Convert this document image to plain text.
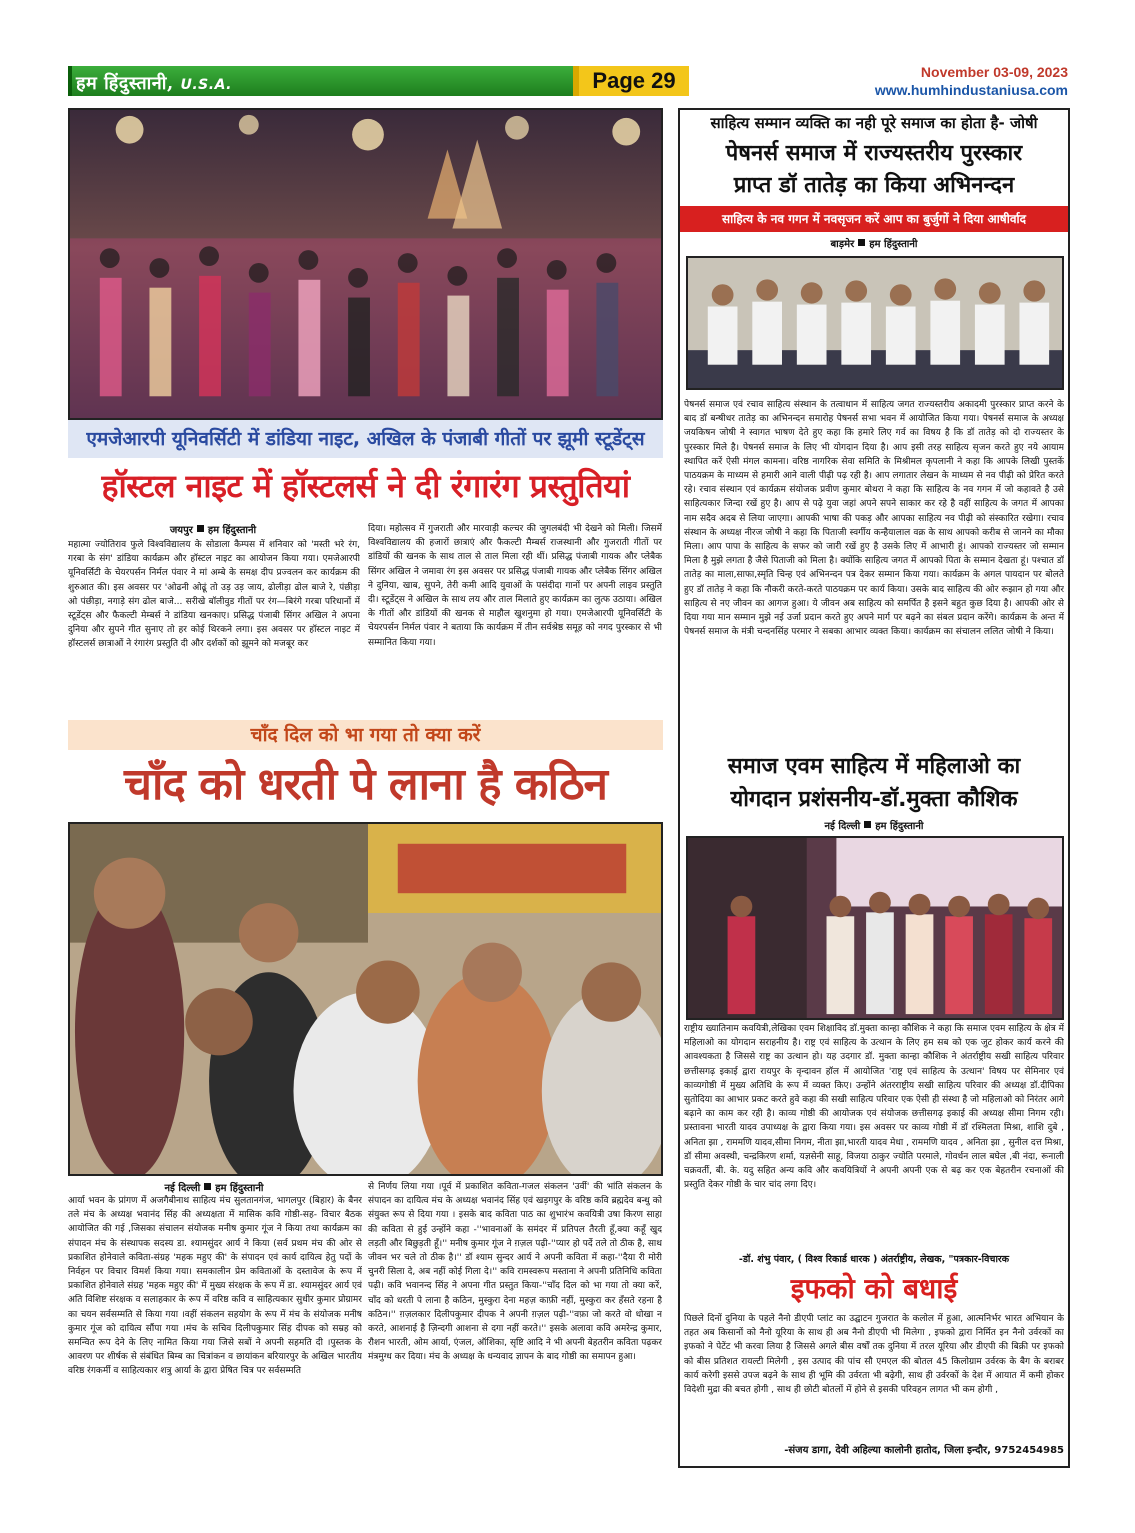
हम हिंदुस्तानी, U.S.A.	Page 29	November 03-09, 2023
www.humhindustaniusa.com
एमजेआरपी यूनिवर्सिटी में डांडिया नाइट, अखिल के पंजाबी गीतों पर झूमी स्टूडेंट्स
हॉस्टल नाइट में हॉस्टलर्स ने दी रंगारंग प्रस्तुतियां
जयपुर हम हिंदुस्तानी
महात्मा ज्योतिराव फुले विश्वविद्यालय के सोडाला कैम्पस में शनिवार को 'मस्ती भरे रंग, गरबा के संग' डांडिया कार्यक्रम और हॉस्टल नाइट का आयोजन किया गया। एमजेआरपी यूनिवर्सिटी के चेयरपर्सन निर्मल पंवार ने मां अम्बे के समक्ष दीप प्रज्वलन कर कार्यक्रम की शुरुआत की। इस अवसर पर 'ओढनी ओढूं तो उड़ उड़ जाय, ढोलीड़ा ढोल बाजे रे, पंछीड़ा ओ पंछीड़ा, नगाड़े संग ढोल बाजे... सरीखे बॉलीवुड गीतों पर रंग—बिरंगे गरबा परिधानों में स्टूडेंट्स और फैकल्टी मेम्बर्स ने डांडिया खनकाए। प्रसिद्ध पंजाबी सिंगर अखिल ने अपना दुनिया और सुपने गीत सुनाए तो हर कोई थिरकने लगा। इस अवसर पर हॉस्टल नाइट में हॉस्टलर्स छात्राओं ने रंगारंग प्रस्तुति दी और दर्शकों को झूमने को मजबूर कर
दिया। महोत्सव में गुजराती और मारवाड़ी कल्चर की जुगलबंदी भी देखने को मिली। जिसमें विश्वविद्यालय की हजारों छात्राएं और फैकल्टी मैम्बर्स राजस्थानी और गुजराती गीतों पर डांडियों की खनक के साथ ताल से ताल मिला रही थीं। प्रसिद्ध पंजाबी गायक और प्लेबैक सिंगर अखिल ने जमावा रंग इस अवसर पर प्रसिद्ध पंजाबी गायक और प्लेबैक सिंगर अखिल ने दुनिया, खाब, सुपने, तेरी कमी आदि युवाओं के पसंदीदा गानों पर अपनी लाइव प्रस्तुति दी। स्टूडेंट्स ने अखिल के साथ लय और ताल मिलाते हुए कार्यक्रम का लुत्फ उठाया। अखिल के गीतों और डांडियों की खनक से माहौल खुशनुमा हो गया। एमजेआरपी यूनिवर्सिटी के चेयरपर्सन निर्मल पंवार ने बताया कि कार्यक्रम में तीन सर्वश्रेष्ठ समूह को नगद पुरस्कार से भी सम्मानित किया गया।
चाँद दिल को भा गया तो क्या करें
चाँद को धरती पे लाना है कठिन
नई दिल्ली हम हिंदुस्तानी
आर्या भवन के प्रांगण में अजगैबीनाथ साहित्य मंच सुलतानगंज, भागलपुर (बिहार) के बैनर तले मंच के अध्यक्ष भवानंद सिंह की अध्यक्षता में मासिक कवि गोष्ठी-सह- विचार बैठक आयोजित की गई ,जिसका संचालन संयोजक मनीष कुमार गूंज ने किया तथा कार्यक्रम का संपादन मंच के संस्थापक सदस्य डा. श्यामसुंदर आर्य ने किया (सर्व प्रथम मंच की ओर से प्रकाशित होनेवाले कविता-संग्रह 'महक महुए की' के संपादन एवं कार्य दायित्व हेतु पदों के निर्वहन पर विचार विमर्श किया गया। समकालीन प्रेम कविताओं के दस्तावेज के रूप में प्रकाशित होनेवाले संग्रह 'महक महुए की' में मुख्य संरक्षक के रूप में डा. श्यामसुंदर आर्य एवं अति विशिष्ट संरक्षक व सलाहकार के रूप में वरिष्ठ कवि व साहित्यकार सुधीर कुमार प्रोग्रामर का चयन सर्वसम्मति से किया गया ।वहीं संकलन सहयोग के रूप में मंच के संयोजक मनीष कुमार गूंज को दायित्व सौंपा गया ।मंच के सचिव दिलीपकुमार सिंह दीपक को सम्रह को समन्वित रूप देने के लिए नामित किया गया जिसे सबों ने अपनी सहमति दी ।पुस्तक के आवरण पर शीर्षक से संबंधित बिम्ब का चित्रांकन व छायांकन बरियारपुर के अखिल भारतीय वरिष्ठ रंगकर्मी व साहित्यकार शत्रु आर्या के द्वारा प्रेषित चित्र पर सर्वसम्मति
से निर्णय लिया गया ।पूर्व में प्रकाशित कविता-गजल संकलन 'उर्वी' की भांति संकलन के संपादन का दायित्व मंच के अध्यक्ष भवानंद सिंह एवं खड़गपुर के वरिष्ठ कवि ब्रह्मदेव बन्धु को संयुक्त रूप से दिया गया । इसके बाद कविता पाठ का शुभारंभ कवयित्री उषा किरण साहा की कविता से हुई उन्होंने कहा -''भावनाओं के समंदर में प्रतिपल तैरती हूँ,क्या कहूँ खुद लड़ती और बिछुड़ती हूँ।'' मनीष कुमार गूंज ने ग़ज़ल पढ़ी-''प्यार हो पर्दे तले तो ठीक है, साथ जीवन भर चले तो ठीक है।'' डॉ श्याम सुन्दर आर्य ने अपनी कविता में कहा-''दैया री मोरी चुनरी सिला दे, अब नहीं कोई गिला दे।'' कवि रामस्वरूप मस्ताना ने अपनी प्रतिनिधि कविता पढ़ी। कवि भवानन्द सिंह ने अपना गीत प्रस्तुत किया-''चाँद दिल को भा गया तो क्या करें, चाँद को धरती पे लाना है कठिन, मुस्कुरा देना महज़ काफ़ी नहीं, मुस्कुरा कर हँसते रहना है कठिन।'' ग़ज़लकार दिलीपकुमार दीपक ने अपनी ग़ज़ल पढ़ी-''वफ़ा जो करते वो धोखा न करते, आशनाई है ज़िन्दगी आशना से दगा नहीं करते।'' इसके अलावा कवि अमरेन्द्र कुमार, रौशन भारती, ओम आर्या, एंजल, ऑशिका, सृष्टि आदि ने भी अपनी बेहतरीन कविता पढ़कर मंत्रमुग्ध कर दिया। मंच के अध्यक्ष के धन्यवाद ज्ञापन के बाद गोष्ठी का समापन हुआ।
साहित्य सम्मान व्यक्ति का नही पूरे समाज का होता है- जोषी
पेषनर्स समाज में राज्यस्तरीय पुरस्कार
प्राप्त डॉ तातेड़ का किया अभिनन्दन
साहित्य के नव गगन में नवसृजन करें आप का बुर्जुगों ने दिया आषीर्वाद
बाड़मेर हम हिंदुस्तानी
पेषनर्स समाज एवं रचाव साहित्य संस्थान के तत्वाधान में साहित्य जगत राज्यस्तरीय अकादमी पुरस्कार प्राप्त करने के बाद डॉ बन्षीधर तातेड़ का अभिनन्दन समारोह पेषनर्स सभा भवन में आयोजित किया गया। पेषनर्स समाज के अध्यक्ष जयकिषन जोषी ने स्वागत भाषण देते हुए कहा कि हमारे लिए गर्व का विषय है कि डॉ तातेड़ को दो राज्यस्तर के पुरस्कार मिले है। पेषनर्स समाज के लिए भी योगदान दिया है। आप इसी तरह साहित्य सृजन करते हुए नये आयाम स्थापित करें ऐसी मंगल कामना। वरिष्ठ नागरिक सेवा समिति के मिश्रीमल कृपलानी ने कहा कि आपके लिखी पुस्तकें पाठयक्रम के माध्यम से हमारी आने वाली पीढ़ी पढ़ रही है। आप लगातार लेखन के माध्यम से नव पीढ़ी को प्रेरित करते रहे। रचाव संस्थान एवं कार्यक्रम संयोजक प्रवीण कुमार बोथरा ने कहा कि साहित्य के नव गगन में जो कहावते है उसे साहित्यकार जिन्दा रखें हुए है। आप से पढ़े युवा जहां अपने सपने साकार कर रहे है वहीं साहित्य के जगत में आपका नाम सदैव अदब से लिया जाएगा। आपकी भाषा की पकड़ और आपका साहित्य नव पीढ़ी को संस्कारित रखेगा। रचाव संस्थान के अध्यक्ष नीरज जोषी ने कहा कि पिताजी स्वर्गीय कन्हैयालाल वक्र के साथ आपको करीब से जानने का मौका मिला। आप पापा के साहित्य के सफर को जारी रखें हुए है उसके लिए में आभारी हूं। आपको राज्यस्तर जो सम्मान मिला है मुझे लगता है जैसे पिताजी को मिला है। क्योंकि साहित्य जगत में आपको पिता के सम्मान देखता हूं। पश्चात डॉ तातेड़ का माला,साफा,स्मृति चिन्ह एवं अभिनन्दन पत्र देकर सम्मान किया गया। कार्यक्रम के अगल पायदान पर बोलते हुए डॉ तातेड़ ने कहा कि नौकरी करते-करते पाठयक्रम पर कार्य किया। उसके बाद साहित्य की ओर रूझान हो गया और साहित्य से नए जीवन का आगज हुआ। ये जीवन अब साहित्य को समर्पित है इसने बहुत कुछ दिया है। आपकी ओर से दिया गया मान सम्मान मुझे नई उर्जा प्रदान करते हुए अपने मार्ग पर बढ़ने का संबल प्रदान करेंगे। कार्यक्रम के अन्त में पेषनर्स समाज के मंत्री चन्दनसिंह परमार ने सबका आभार व्यक्त किया। कार्यक्रम का संचालन ललित जोषी ने किया।
समाज एवम साहित्य में महिलाओ का
योगदान प्रशंसनीय-डॉ.मुक्ता कौशिक
नई दिल्ली हम हिंदुस्तानी
राष्ट्रीय ख्यातिनाम कवयित्री,लेखिका एवम शिक्षाविद डॉ.मुक्ता कान्हा कौशिक ने कहा कि समाज एवम साहित्य के क्षेत्र में महिलाओ का योगदान सराहनीय है। राष्ट्र एवं साहित्य के उत्थान के लिए हम सब को एक जुट होकर कार्य करने की आवश्यकता है जिससे राष्ट्र का उत्थान हो। यह उदगार डॉ. मुक्ता कान्हा कौशिक ने अंतर्राष्ट्रीय सखी साहित्य परिवार छत्तीसगढ़ इकाई द्वारा रायपुर के वृन्दावन हॉल में आयोजित 'राष्ट्र एवं साहित्य के उत्थान' विषय पर सेमिनार एवं काव्यगोष्ठी में मुख्य अतिथि के रूप में व्यक्त किए। उन्होंने अंतरराष्ट्रीय सखी साहित्य परिवार की अध्यक्ष डॉ.दीपिका सुतोदिया का आभार प्रकट करते हुवे कहा की सखी साहित्य परिवार एक ऐसी ही संस्था है जो महिलाओ को निरंतर आगे बढ़ाने का काम कर रही है। काव्य गोष्ठी की आयोजक एवं संयोजक छत्तीसगढ़ इकाई की अध्यक्ष सीमा निगम रही। प्रस्तावना भारती यादव उपाध्यक्ष के द्वारा किया गया। इस अवसर पर काव्य गोष्ठी में डॉ रश्मिलता मिश्रा, शाशि दुबे , अनिता झा , राममणि यादव,सीमा निगम, नीता झा,भारती यादव मेधा , राममणि यादव , अनिता झा , सुनील दत्त मिश्रा, डॉ सीमा अवस्थी, चन्द्रकिरण शर्मा, यज्ञसेनी साहू, विजया ठाकुर ज्योति परमाले, गोवर्धन लाल बघेल ,बी नंदा, रूनाली चक्रवर्ती, बी. के. यदु सहित अन्य कवि और कवयित्रियों ने अपनी अपनी एक से बढ़ कर एक बेहतरीन रचनाओं की प्रस्तुति देकर गोष्ठी के चार चांद लगा दिए।
-डॉ. शंभु पंवार, ( विश्व रिकार्ड धारक ) अंतर्राष्ट्रीय, लेखक, "पत्रकार-विचारक
इफको को बधाई
पिछले दिनों दुनिया के पहले नैनो डीएपी प्लांट का उद्घाटन गुजरात के कलोल में हुआ, आत्मनिर्भर भारत अभियान के तहत अब किसानों को नैनो यूरिया के साथ ही अब नैनो डीएपी भी मिलेगा , इफको द्वारा निर्मित इन नैनो उर्वरकों का इफको ने पेटेंट भी करवा लिया है जिससे अगले बीस वर्षों तक दुनिया में तरल यूरिया और डीएपी की बिक्री पर इफको को बीस प्रतिशत रायल्टी मिलेगी , इस उत्पाद की पांच सौ एमएल की बोतल 45 किलोग्राम उर्वरक के बैग के बराबर कार्य करेगी इससे उपज बढ़ने के साथ ही भूमि की उर्वरता भी बढ़ेगी, साथ ही उर्वरकों के देश में आयात में कमी होकर विदेशी मुद्रा की बचत होगी , साथ ही छोटी बोतलों में होने से इसकी परिवहन लागत भी कम होगी ,
-संजय डागा, देवी अहिल्या कालोनी हातोद, जिला इन्दौर, 9752454985
